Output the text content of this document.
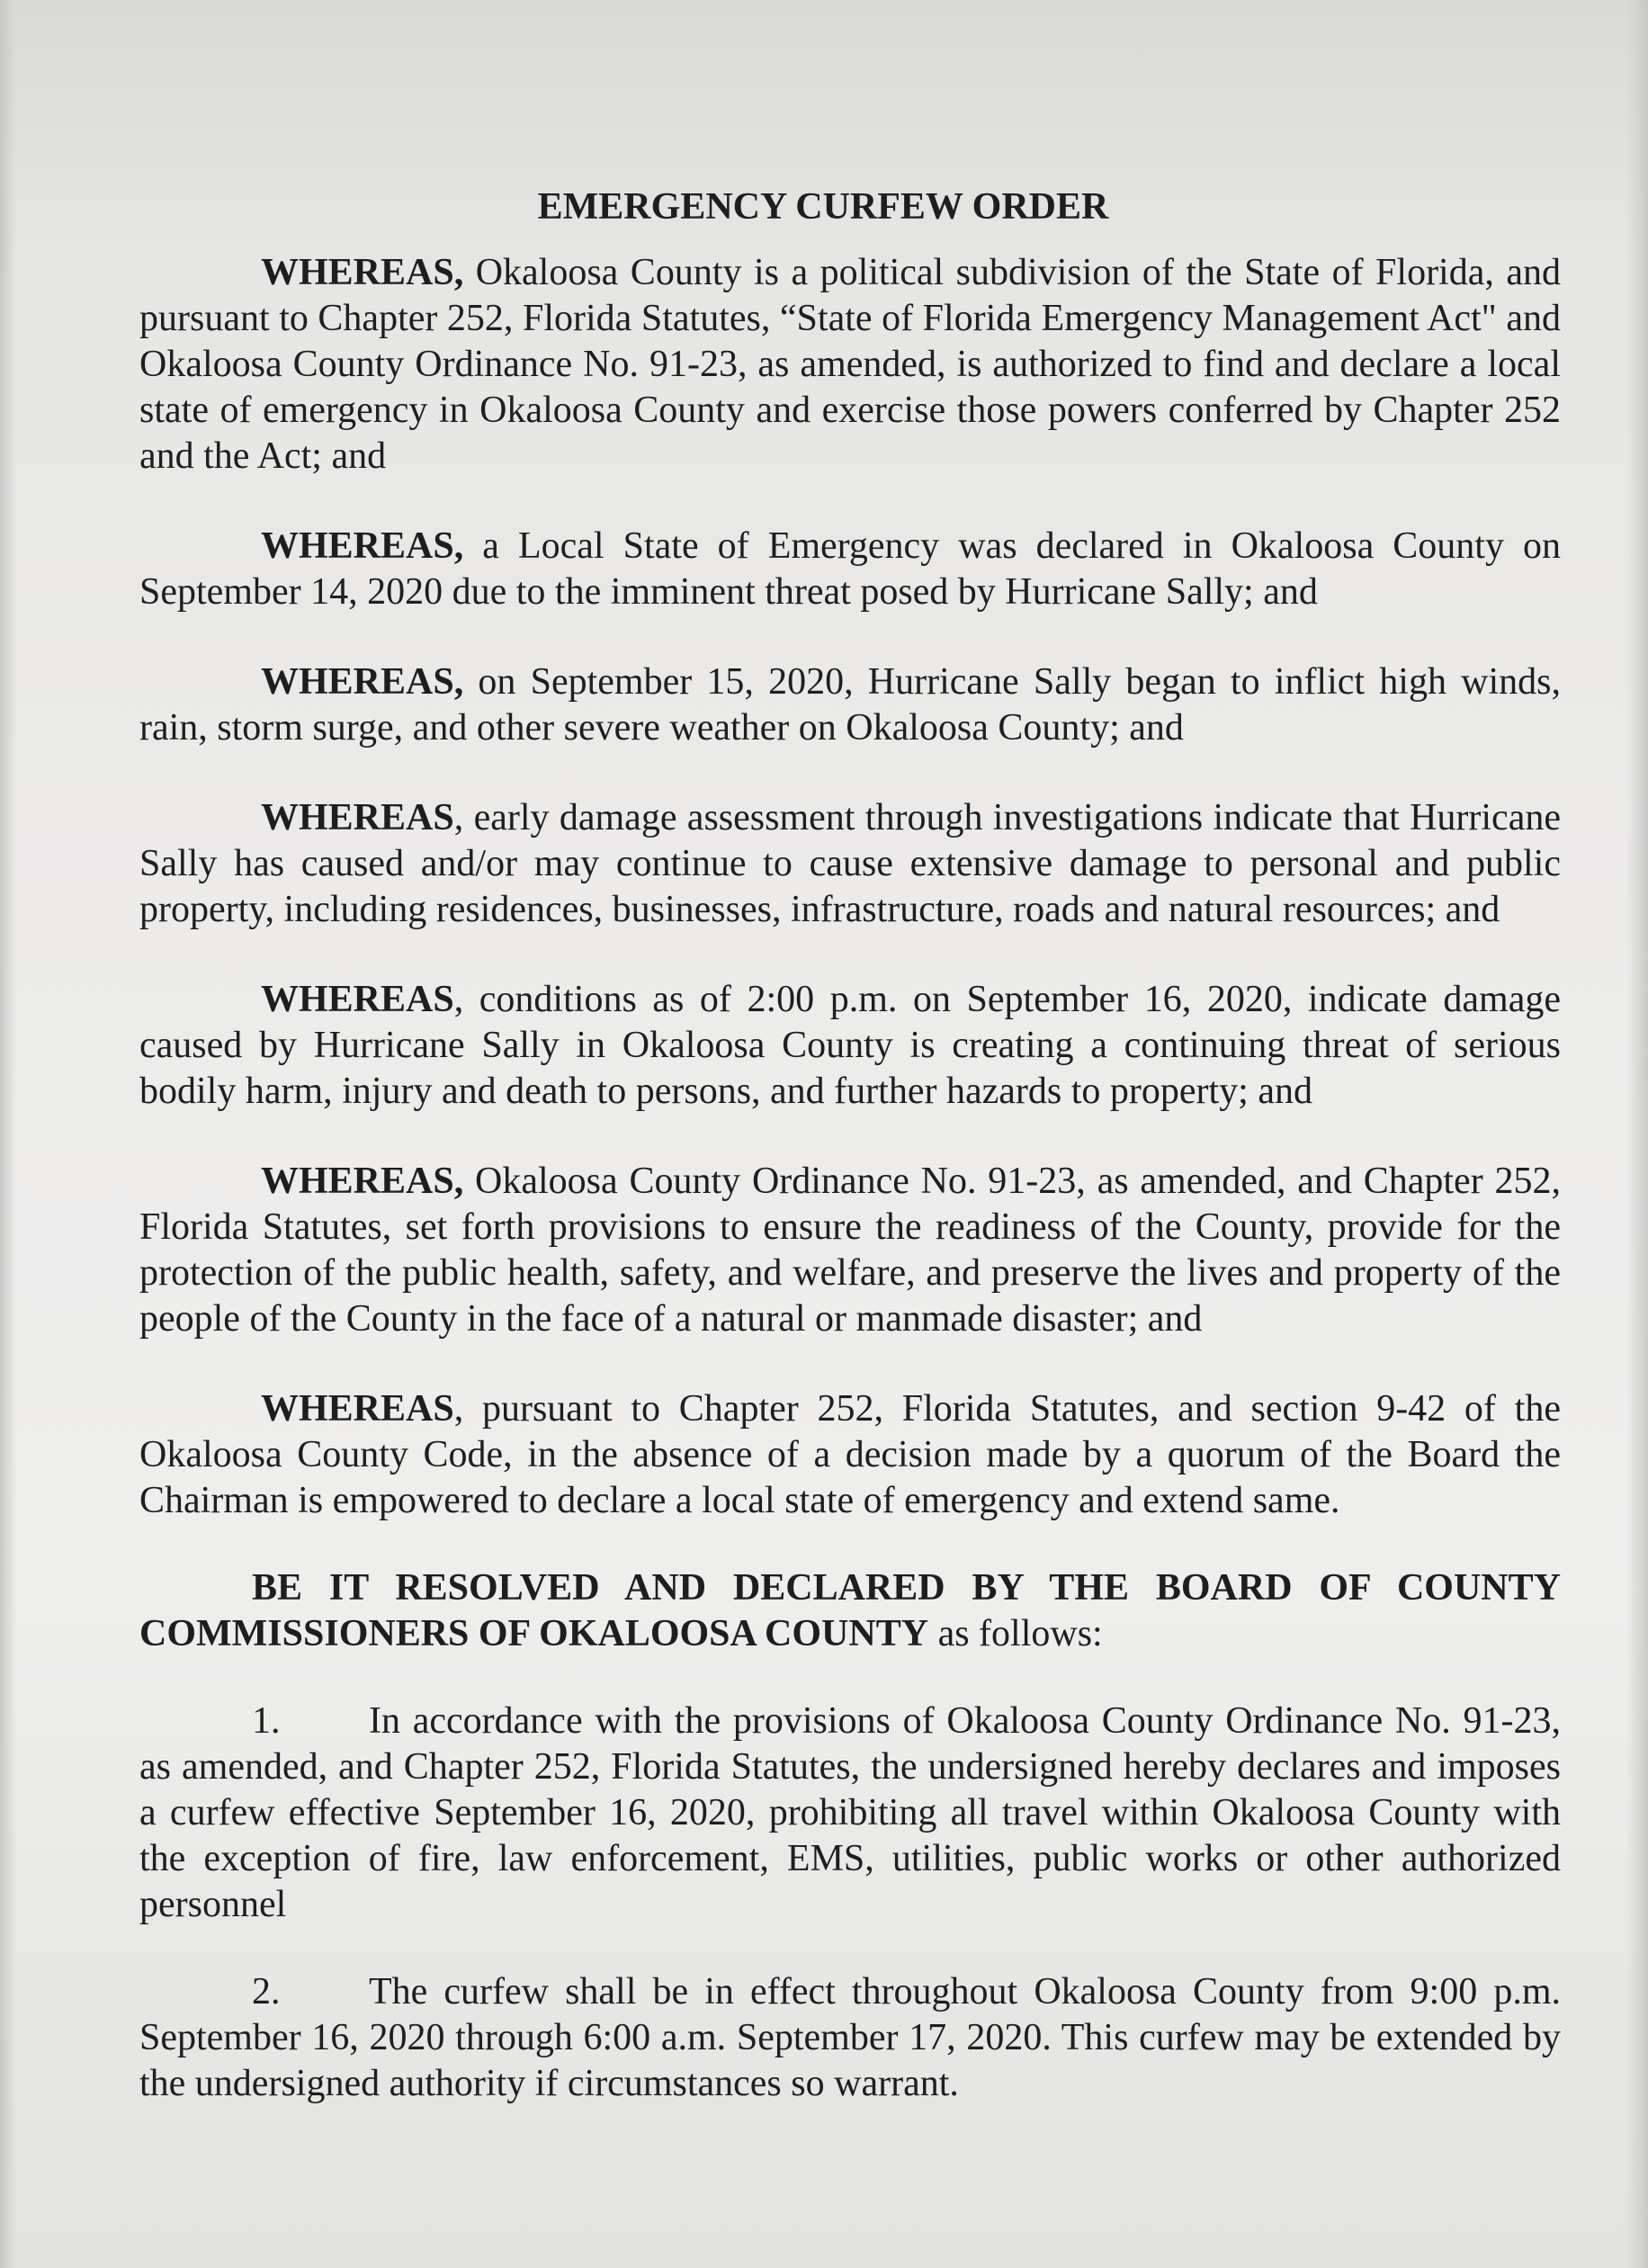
EMERGENCY CURFEW ORDER

WHEREAS, Okaloosa County is a political subdivision of the State of Florida, and pursuant to Chapter 252, Florida Statutes, “State of Florida Emergency Management Act" and Okaloosa County Ordinance No. 91-23, as amended, is authorized to find and declare a local state of emergency in Okaloosa County and exercise those powers conferred by Chapter 252 and the Act; and

WHEREAS, a Local State of Emergency was declared in Okaloosa County on September 14, 2020 due to the imminent threat posed by Hurricane Sally; and

WHEREAS, on September 15, 2020, Hurricane Sally began to inflict high winds, rain, storm surge, and other severe weather on Okaloosa County; and

WHEREAS, early damage assessment through investigations indicate that Hurricane Sally has caused and/or may continue to cause extensive damage to personal and public property, including residences, businesses, infrastructure, roads and natural resources; and

WHEREAS, conditions as of 2:00 p.m. on September 16, 2020, indicate damage caused by Hurricane Sally in Okaloosa County is creating a continuing threat of serious bodily harm, injury and death to persons, and further hazards to property; and

WHEREAS, Okaloosa County Ordinance No. 91-23, as amended, and Chapter 252, Florida Statutes, set forth provisions to ensure the readiness of the County, provide for the protection of the public health, safety, and welfare, and preserve the lives and property of the people of the County in the face of a natural or manmade disaster; and

WHEREAS, pursuant to Chapter 252, Florida Statutes, and section 9-42 of the Okaloosa County Code, in the absence of a decision made by a quorum of the Board the Chairman is empowered to declare a local state of emergency and extend same.

BE IT RESOLVED AND DECLARED BY THE BOARD OF COUNTY COMMISSIONERS OF OKALOOSA COUNTY as follows:

1. In accordance with the provisions of Okaloosa County Ordinance No. 91-23, as amended, and Chapter 252, Florida Statutes, the undersigned hereby declares and imposes a curfew effective September 16, 2020, prohibiting all travel within Okaloosa County with the exception of fire, law enforcement, EMS, utilities, public works or other authorized personnel

2. The curfew shall be in effect throughout Okaloosa County from 9:00 p.m. September 16, 2020 through 6:00 a.m. September 17, 2020. This curfew may be extended by the undersigned authority if circumstances so warrant.
